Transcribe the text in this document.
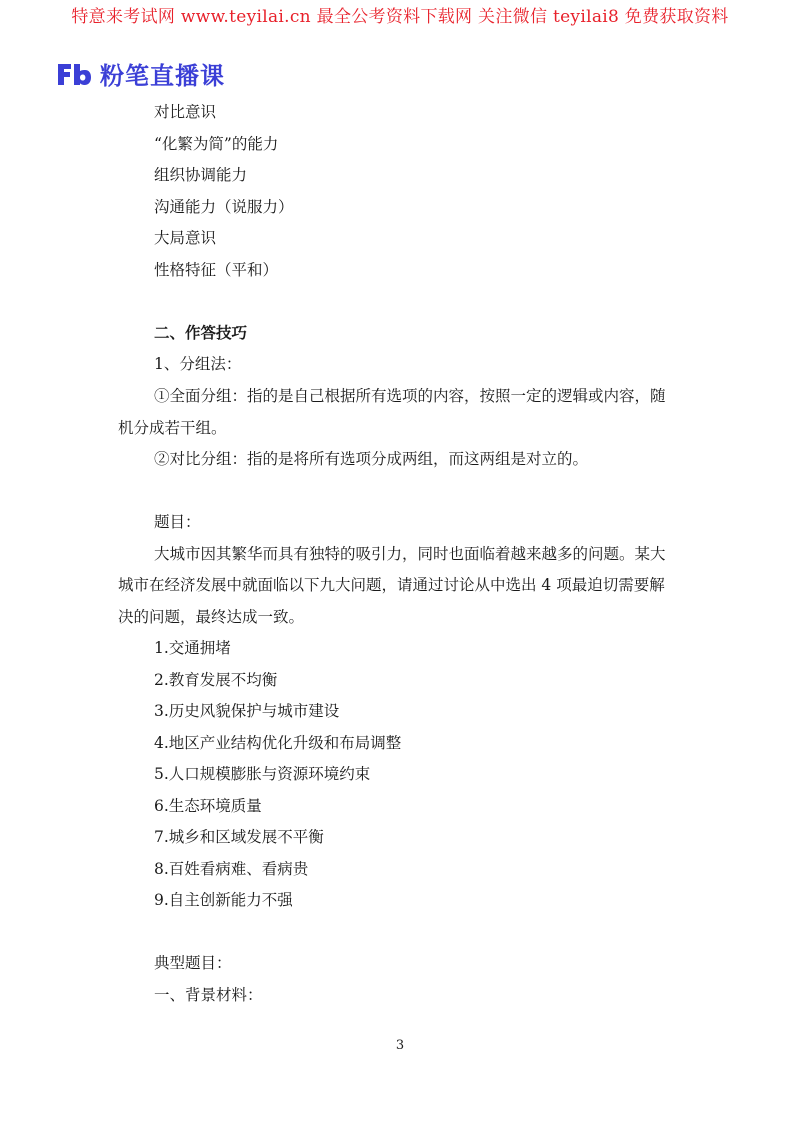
特意来考试网 www.teyilai.cn 最全公考资料下载网 关注微信 teyilai8 免费获取资料
粉笔直播课
对比意识
“化繁为简”的能力
组织协调能力
沟通能力（说服力）
大局意识
性格特征（平和）
二、作答技巧
1、分组法：
①全面分组：指的是自己根据所有选项的内容，按照一定的逻辑或内容，随
机分成若干组。
②对比分组：指的是将所有选项分成两组，而这两组是对立的。
题目：
大城市因其繁华而具有独特的吸引力，同时也面临着越来越多的问题。某大
城市在经济发展中就面临以下九大问题，请通过讨论从中选出 4 项最迫切需要解
决的问题，最终达成一致。
1.交通拥堵
2.教育发展不均衡
3.历史风貌保护与城市建设
4.地区产业结构优化升级和布局调整
5.人口规模膨胀与资源环境约束
6.生态环境质量
7.城乡和区域发展不平衡
8.百姓看病难、看病贵
9.自主创新能力不强
典型题目：
一、背景材料：
3
